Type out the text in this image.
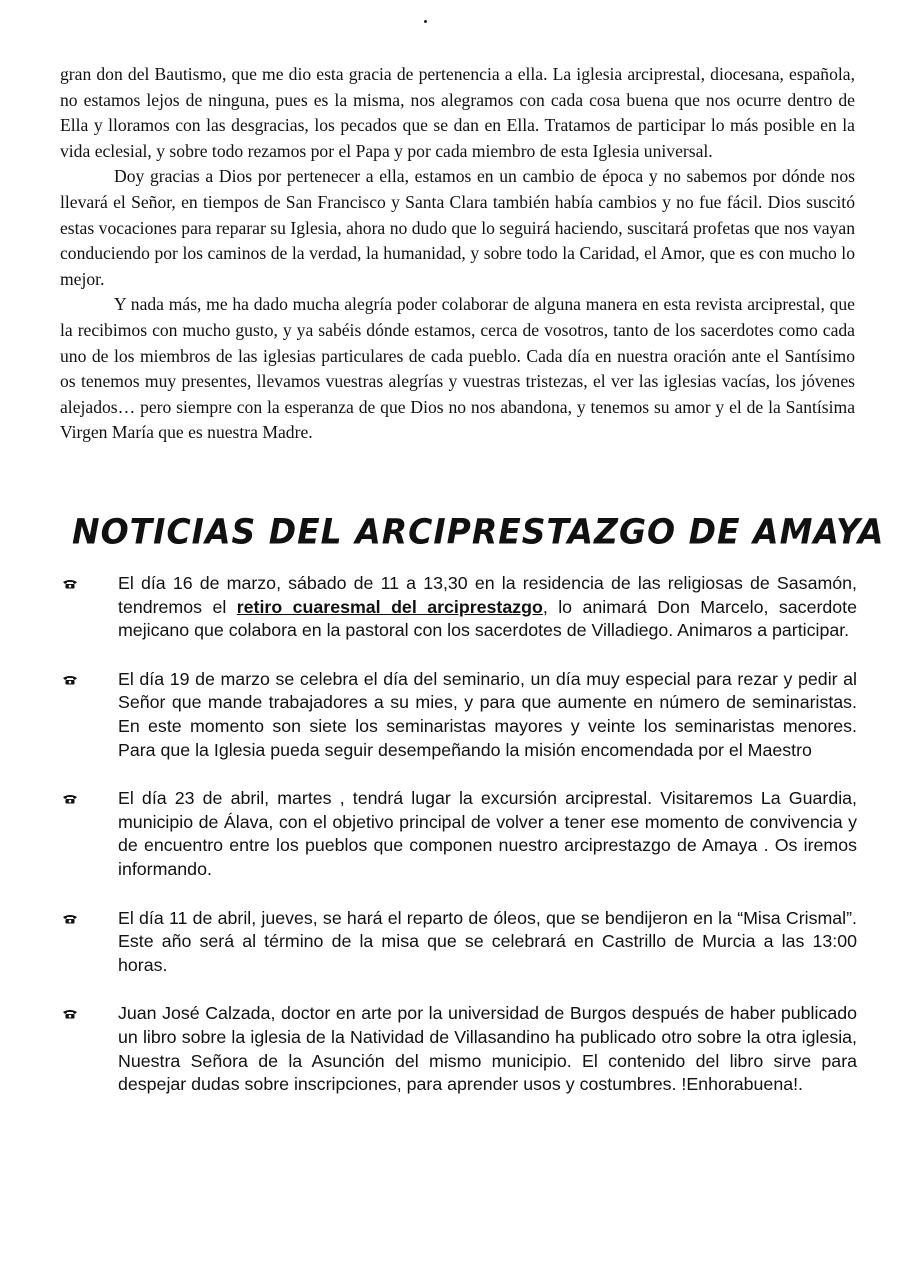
gran don del Bautismo, que me dio esta gracia de pertenencia a ella. La iglesia arciprestal, diocesana, española, no estamos lejos de ninguna, pues es la misma, nos alegramos con cada cosa buena que nos ocurre dentro de Ella y lloramos con las desgracias, los pecados que se dan en Ella. Tratamos de participar lo más posible en la vida eclesial, y sobre todo rezamos por el Papa y por cada miembro de esta Iglesia universal.

Doy gracias a Dios por pertenecer a ella, estamos en un cambio de época y no sabemos por dónde nos llevará el Señor, en tiempos de San Francisco y Santa Clara también había cambios y no fue fácil. Dios suscitó estas vocaciones para reparar su Iglesia, ahora no dudo que lo seguirá haciendo, suscitará profetas que nos vayan conduciendo por los caminos de la verdad, la humanidad, y sobre todo la Caridad, el Amor, que es con mucho lo mejor.

Y nada más, me ha dado mucha alegría poder colaborar de alguna manera en esta revista arciprestal, que la recibimos con mucho gusto, y ya sabéis dónde estamos, cerca de vosotros, tanto de los sacerdotes como cada uno de los miembros de las iglesias particulares de cada pueblo. Cada día en nuestra oración ante el Santísimo os tenemos muy presentes, llevamos vuestras alegrías y vuestras tristezas, el ver las iglesias vacías, los jóvenes alejados… pero siempre con la esperanza de que Dios no nos abandona, y tenemos su amor y el de la Santísima Virgen María que es nuestra Madre.

NOTICIAS DEL ARCIPRESTAZGO DE AMAYA
El día 16 de marzo, sábado de 11 a 13,30 en la residencia de las religiosas de Sasamón, tendremos el retiro cuaresmal del arciprestazgo, lo animará Don Marcelo, sacerdote mejicano que colabora en la pastoral con los sacerdotes de Villadiego. Animaros a participar.
El día 19 de marzo se celebra el día del seminario, un día muy especial para rezar y pedir al Señor que mande trabajadores a su mies, y para que aumente en número de seminaristas. En este momento son siete los seminaristas mayores y veinte los seminaristas menores. Para que la Iglesia pueda seguir desempeñando la misión encomendada por el Maestro
El día 23 de abril, martes , tendrá lugar la excursión arciprestal. Visitaremos La Guardia, municipio de Álava, con el objetivo principal de volver a tener ese momento de convivencia y de encuentro entre los pueblos que componen nuestro arciprestazgo de Amaya . Os iremos informando.
El día 11 de abril, jueves, se hará el reparto de óleos, que se bendijeron en la “Misa Crismal”. Este año será al término de la misa que se celebrará en Castrillo de Murcia a las 13:00 horas.
Juan José Calzada, doctor en arte por la universidad de Burgos después de haber publicado un libro sobre la iglesia de la Natividad de Villasandino ha publicado otro sobre la otra iglesia, Nuestra Señora de la Asunción del mismo municipio. El contenido del libro sirve para despejar dudas sobre inscripciones, para aprender usos y costumbres. !Enhorabuena!.
